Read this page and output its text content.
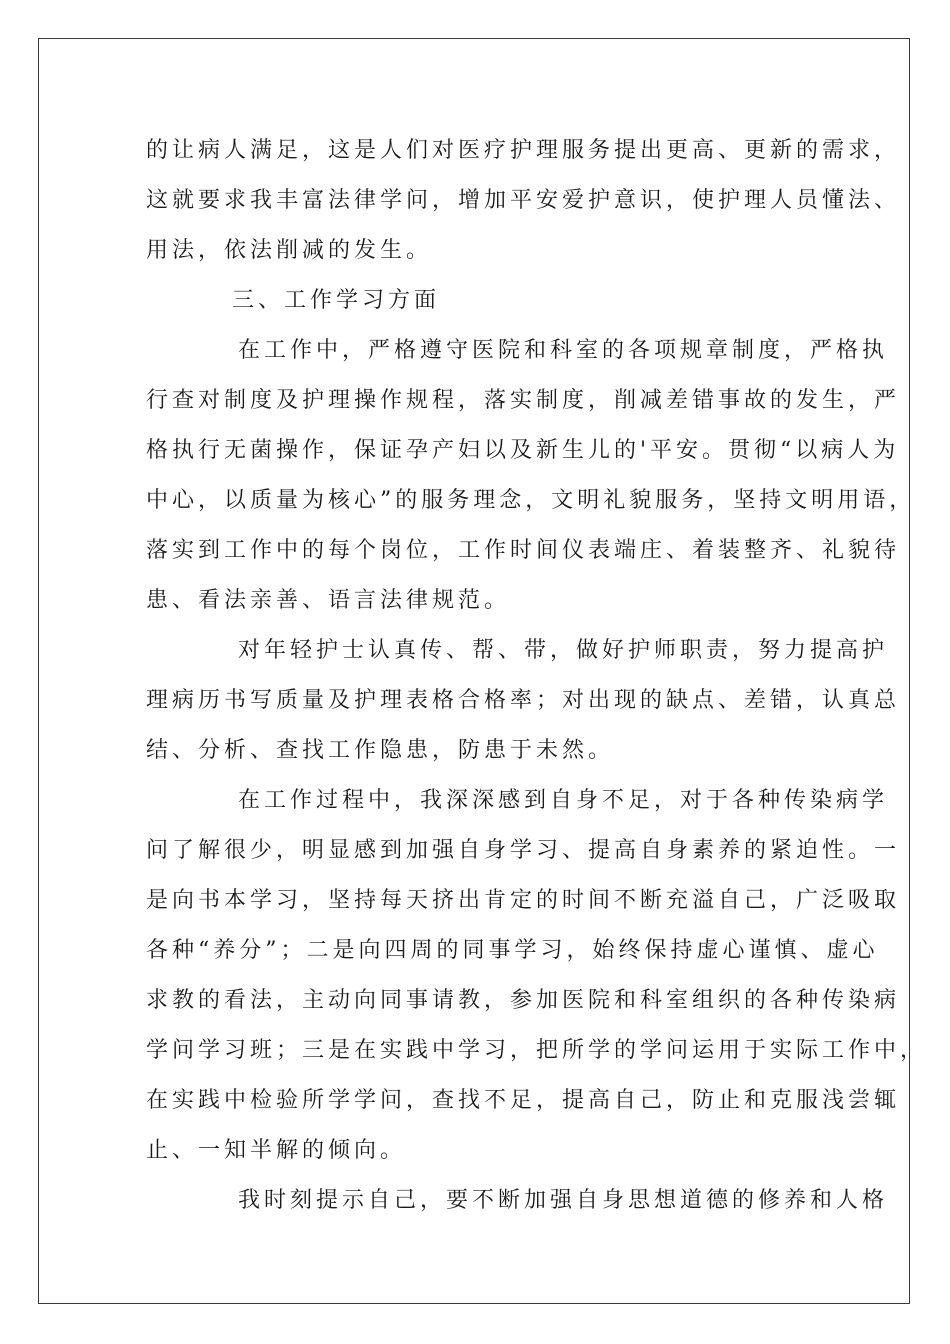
的让病人满足，这是人们对医疗护理服务提出更高、更新的需求，
这就要求我丰富法律学问，增加平安爱护意识，使护理人员懂法、
用法，依法削减的发生。
三、工作学习方面
在工作中，严格遵守医院和科室的各项规章制度，严格执
行查对制度及护理操作规程，落实制度，削减差错事故的发生，严
格执行无菌操作，保证孕产妇以及新生儿的'平安。贯彻“以病人为
中心，以质量为核心”的服务理念，文明礼貌服务，坚持文明用语，
落实到工作中的每个岗位，工作时间仪表端庄、着装整齐、礼貌待
患、看法亲善、语言法律规范。
对年轻护士认真传、帮、带，做好护师职责，努力提高护
理病历书写质量及护理表格合格率；对出现的缺点、差错，认真总
结、分析、查找工作隐患，防患于未然。
在工作过程中，我深深感到自身不足，对于各种传染病学
问了解很少，明显感到加强自身学习、提高自身素养的紧迫性。一
是向书本学习，坚持每天挤出肯定的时间不断充溢自己，广泛吸取
各种“养分”；二是向四周的同事学习，始终保持虚心谨慎、虚心
求教的看法，主动向同事请教，参加医院和科室组织的各种传染病
学问学习班；三是在实践中学习，把所学的学问运用于实际工作中，
在实践中检验所学学问，查找不足，提高自己，防止和克服浅尝辄
止、一知半解的倾向。
我时刻提示自己，要不断加强自身思想道德的修养和人格
